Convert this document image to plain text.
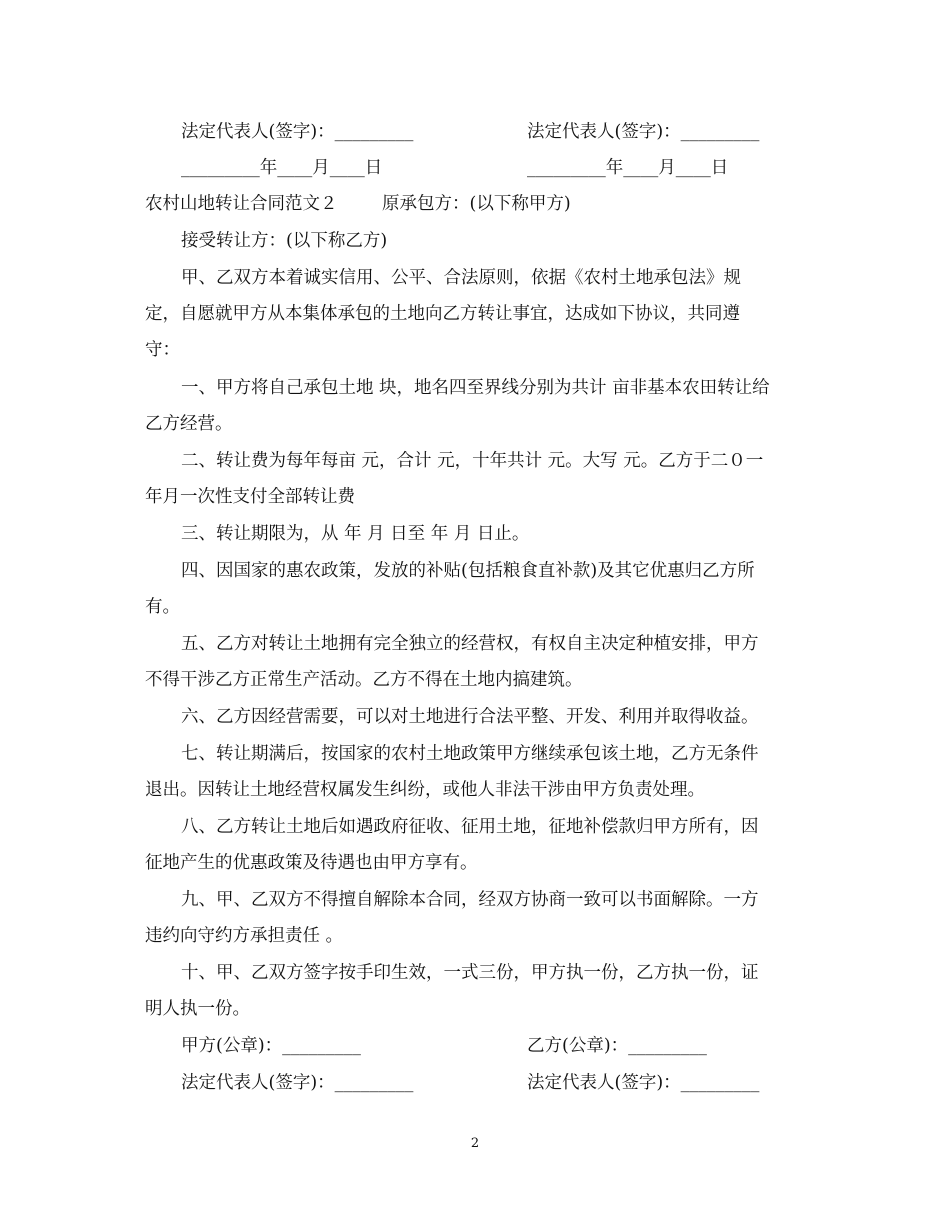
法定代表人(签字)：_________	法定代表人(签字)：_________
_________年____月____日	_________年____月____日
农村山地转让合同范文２	原承包方：(以下称甲方)
接受转让方：(以下称乙方)
甲、乙双方本着诚实信用、公平、合法原则，依据《农村土地承包法》规
定，自愿就甲方从本集体承包的土地向乙方转让事宜，达成如下协议，共同遵
守：
一、甲方将自己承包土地 块，地名四至界线分别为共计 亩非基本农田转让给
乙方经营。
二、转让费为每年每亩 元，合计 元，十年共计 元。大写 元。乙方于二０一
年月一次性支付全部转让费
三、转让期限为，从 年 月 日至 年 月 日止。
四、因国家的惠农政策，发放的补贴(包括粮食直补款)及其它优惠归乙方所
有。
五、乙方对转让土地拥有完全独立的经营权，有权自主决定种植安排，甲方
不得干涉乙方正常生产活动。乙方不得在土地内搞建筑。
六、乙方因经营需要，可以对土地进行合法平整、开发、利用并取得收益。
七、转让期满后，按国家的农村土地政策甲方继续承包该土地，乙方无条件
退出。因转让土地经营权属发生纠纷，或他人非法干涉由甲方负责处理。
八、乙方转让土地后如遇政府征收、征用土地，征地补偿款归甲方所有，因
征地产生的优惠政策及待遇也由甲方享有。
九、甲、乙双方不得擅自解除本合同，经双方协商一致可以书面解除。一方
违约向守约方承担责任 。
十、甲、乙双方签字按手印生效，一式三份，甲方执一份，乙方执一份，证
明人执一份。
甲方(公章)：_________	乙方(公章)：_________
法定代表人(签字)：_________	法定代表人(签字)：_________
2
